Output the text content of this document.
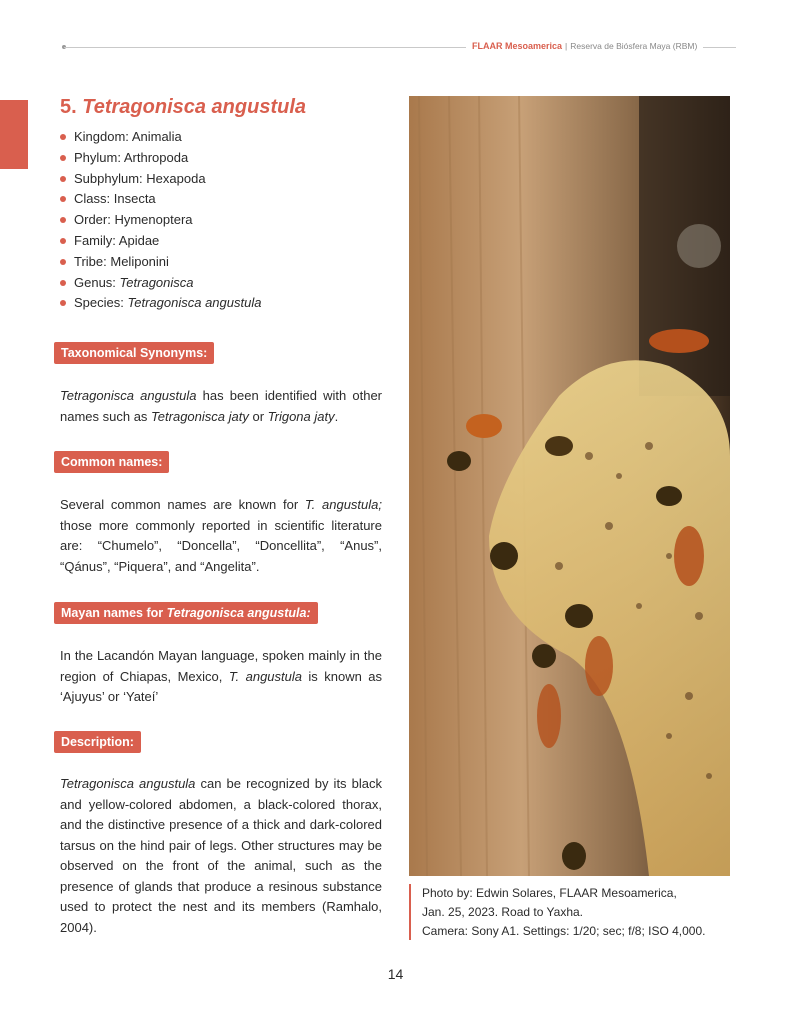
FLAAR Mesoamerica | Reserva de Biósfera Maya (RBM)
5. Tetragonisca angustula
Kingdom: Animalia
Phylum: Arthropoda
Subphylum: Hexapoda
Class: Insecta
Order: Hymenoptera
Family: Apidae
Tribe: Meliponini
Genus: Tetragonisca
Species: Tetragonisca angustula
Taxonomical Synonyms:
Tetragonisca angustula has been identified with other names such as Tetragonisca jaty or Trigona jaty.
Common names:
Several common names are known for T. angustula; those more commonly reported in scientific literature are: “Chumelo”, “Doncella”, “Doncellita”, “Anus”, “Qánus”, “Piquera”, and “Angelita”.
Mayan names for Tetragonisca angustula:
In the Lacandón Mayan language, spoken mainly in the region of Chiapas, Mexico, T. angustula is known as ‘Ajuyus’ or ‘Yateí’
Description:
Tetragonisca angustula can be recognized by its black and yellow-colored abdomen, a black-colored thorax, and the distinctive presence of a thick and dark-colored tarsus on the hind pair of legs. Other structures may be observed on the front of the animal, such as the presence of glands that produce a resinous substance used to protect the nest and its members (Ramhalo, 2004).
Photo by: Edwin Solares, FLAAR Mesoamerica,
Jan. 25, 2023. Road to Yaxha.
Camera: Sony A1. Settings: 1/20; sec; f/8; ISO 4,000.
14
